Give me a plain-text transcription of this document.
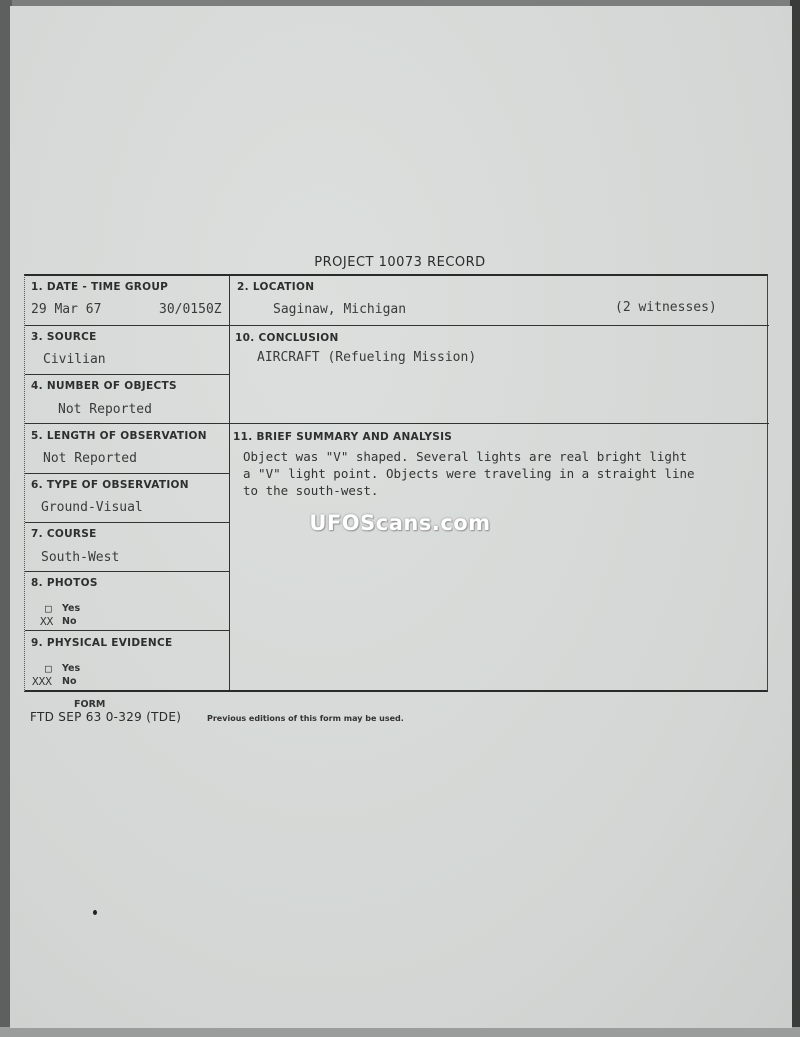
PROJECT 10073 RECORD
1. DATE - TIME GROUP
29 Mar 67	30/0150Z
2. LOCATION
Saginaw, Michigan	(2 witnesses)
3. SOURCE
Civilian
10. CONCLUSION
AIRCRAFT (Refueling Mission)
4. NUMBER OF OBJECTS
Not Reported
5. LENGTH OF OBSERVATION
Not Reported
11. BRIEF SUMMARY AND ANALYSIS
Object was "V" shaped. Several lights are real bright light
a "V" light point. Objects were traveling in a straight line
to the south-west.
6. TYPE OF OBSERVATION
Ground-Visual
7. COURSE
South-West
8. PHOTOS
□ Yes
XX No
9. PHYSICAL EVIDENCE
□ Yes
XXX No
FORM
FTD SEP 63 0-329 (TDE)	Previous editions of this form may be used.
UFOScans.com
